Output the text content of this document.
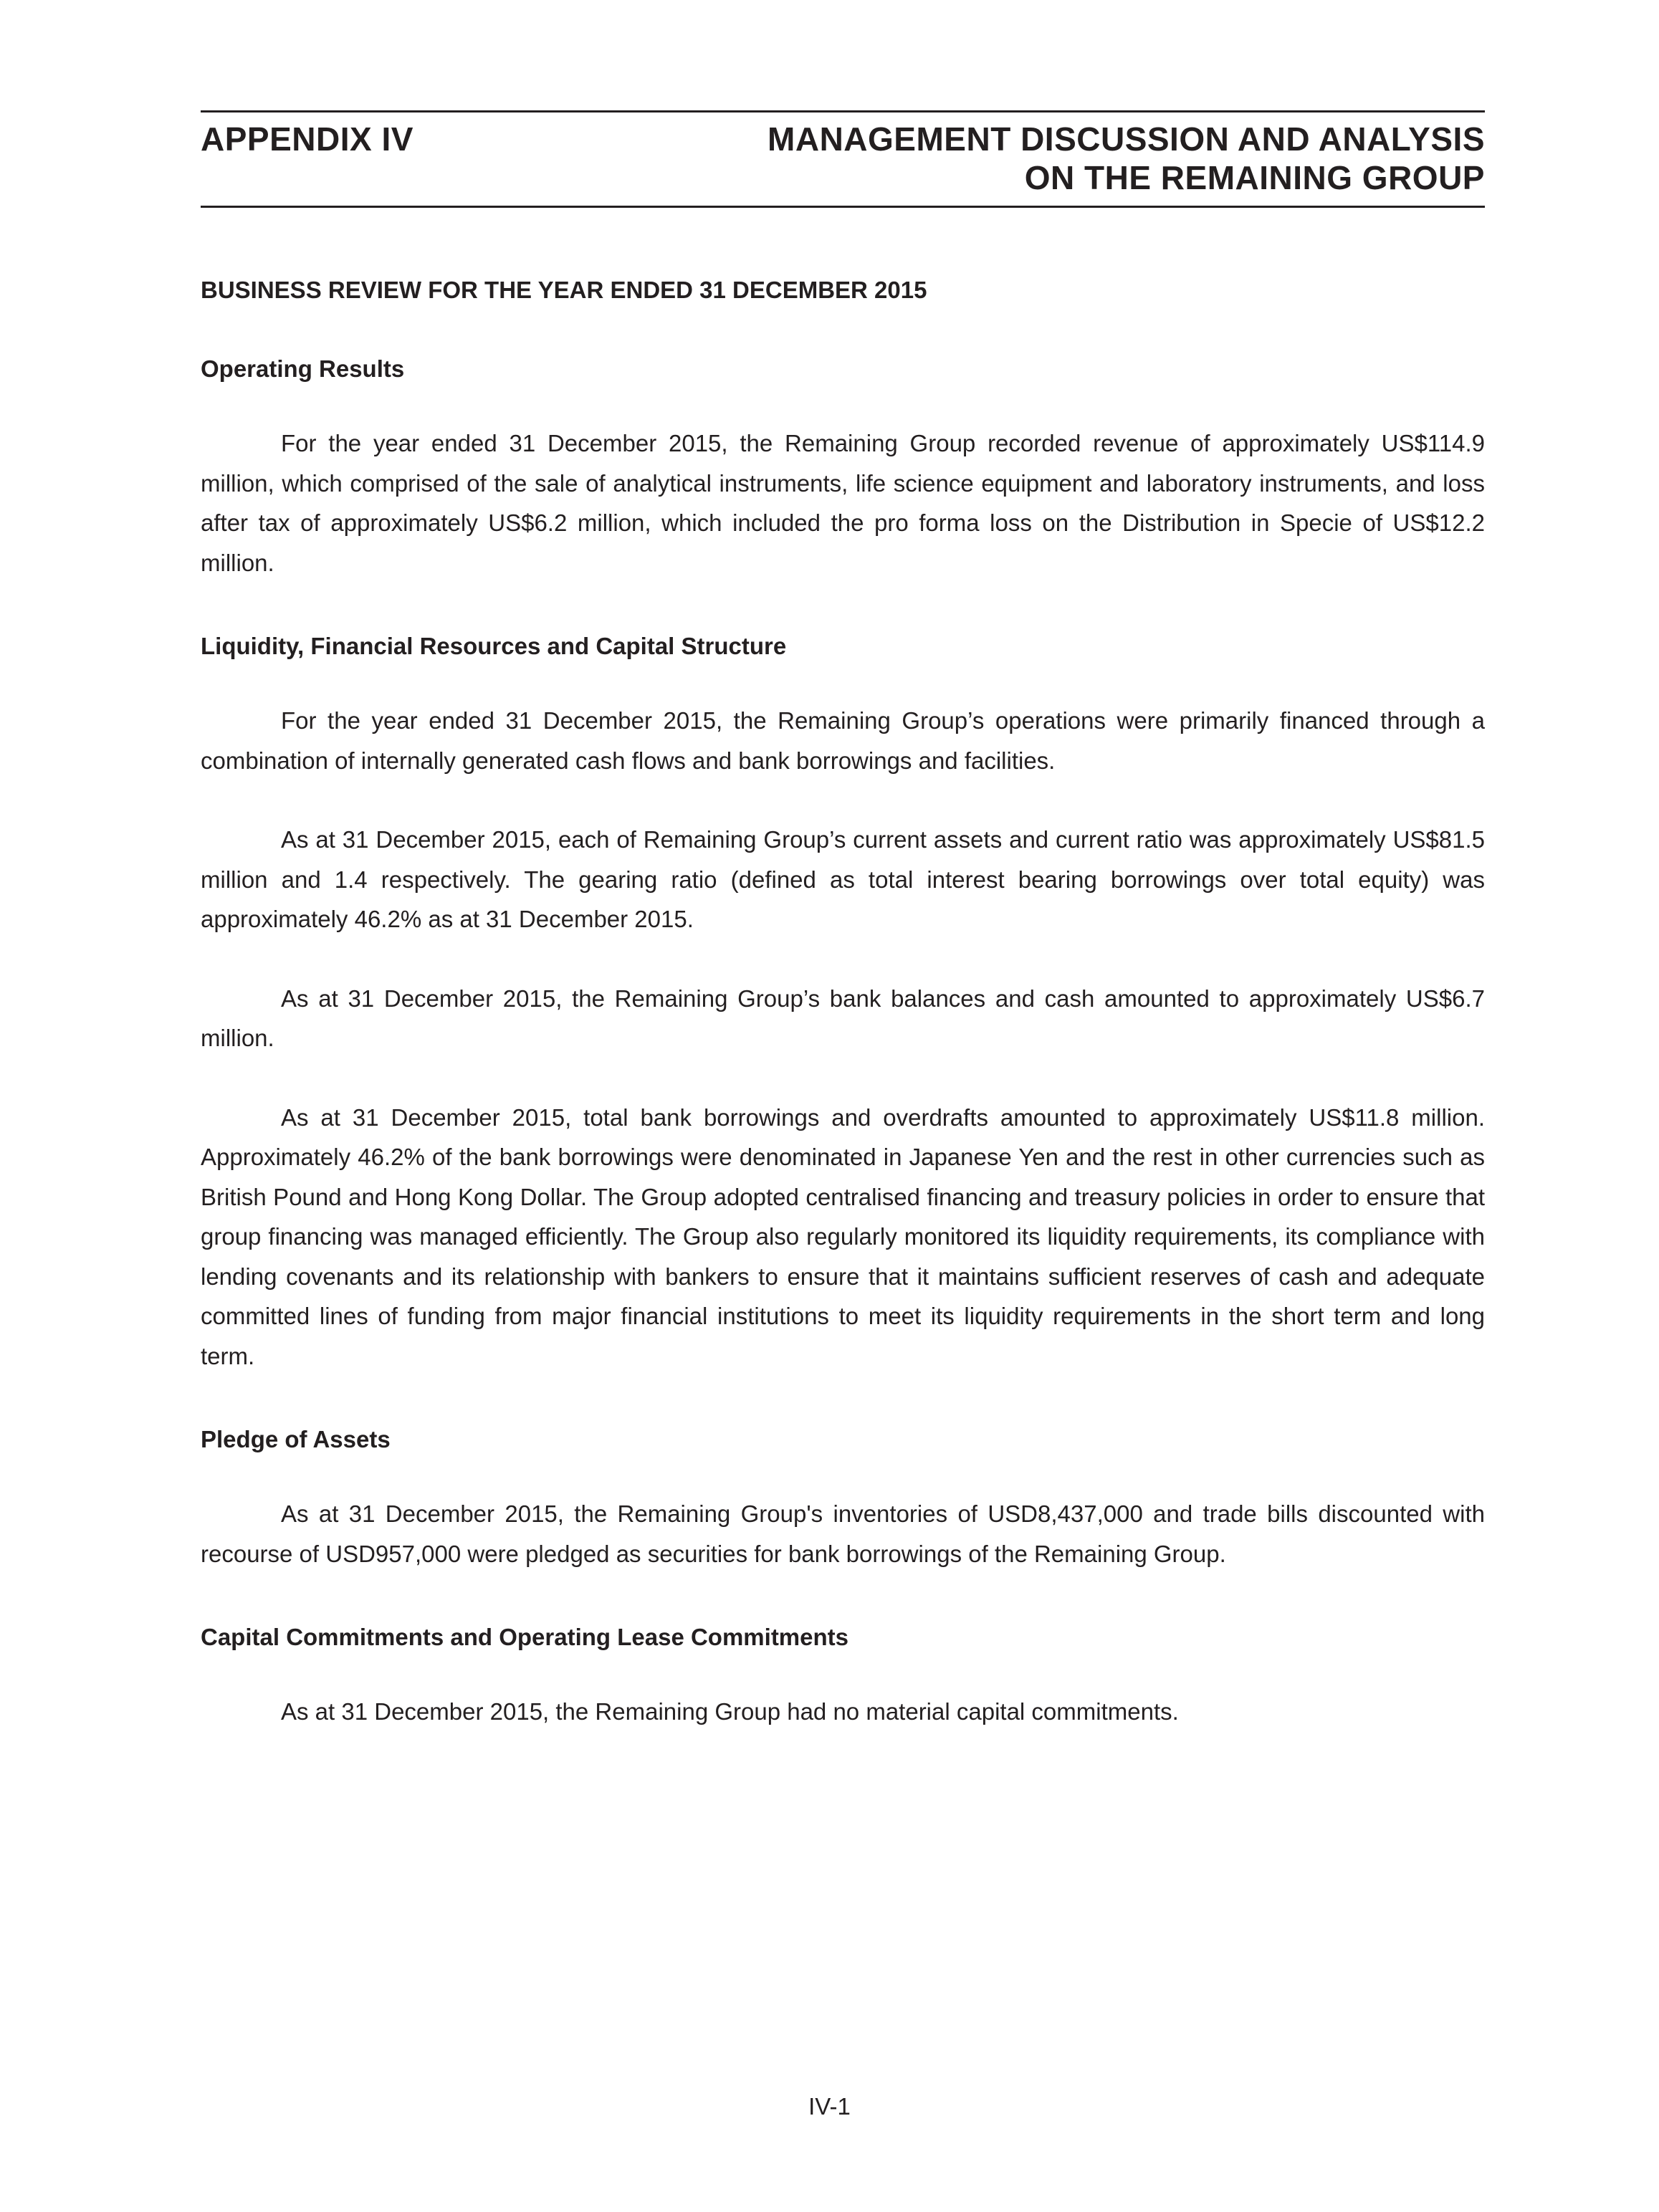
APPENDIX IV	MANAGEMENT DISCUSSION AND ANALYSIS
ON THE REMAINING GROUP
BUSINESS REVIEW FOR THE YEAR ENDED 31 DECEMBER 2015
Operating Results

For the year ended 31 December 2015, the Remaining Group recorded revenue of approximately US$114.9 million, which comprised of the sale of analytical instruments, life science equipment and laboratory instruments, and loss after tax of approximately US$6.2 million, which included the pro forma loss on the Distribution in Specie of US$12.2 million.

Liquidity, Financial Resources and Capital Structure

For the year ended 31 December 2015, the Remaining Group’s operations were primarily financed through a combination of internally generated cash flows and bank borrowings and facilities.

As at 31 December 2015, each of Remaining Group’s current assets and current ratio was approximately US$81.5 million and 1.4 respectively. The gearing ratio (defined as total interest bearing borrowings over total equity) was approximately 46.2% as at 31 December 2015.

As at 31 December 2015, the Remaining Group’s bank balances and cash amounted to approximately US$6.7 million.

As at 31 December 2015, total bank borrowings and overdrafts amounted to approximately US$11.8 million. Approximately 46.2% of the bank borrowings were denominated in Japanese Yen and the rest in other currencies such as British Pound and Hong Kong Dollar. The Group adopted centralised financing and treasury policies in order to ensure that group financing was managed efficiently. The Group also regularly monitored its liquidity requirements, its compliance with lending covenants and its relationship with bankers to ensure that it maintains sufficient reserves of cash and adequate committed lines of funding from major financial institutions to meet its liquidity requirements in the short term and long term.

Pledge of Assets

As at 31 December 2015, the Remaining Group's inventories of USD8,437,000 and trade bills discounted with recourse of USD957,000 were pledged as securities for bank borrowings of the Remaining Group.

Capital Commitments and Operating Lease Commitments

As at 31 December 2015, the Remaining Group had no material capital commitments.

IV-1
